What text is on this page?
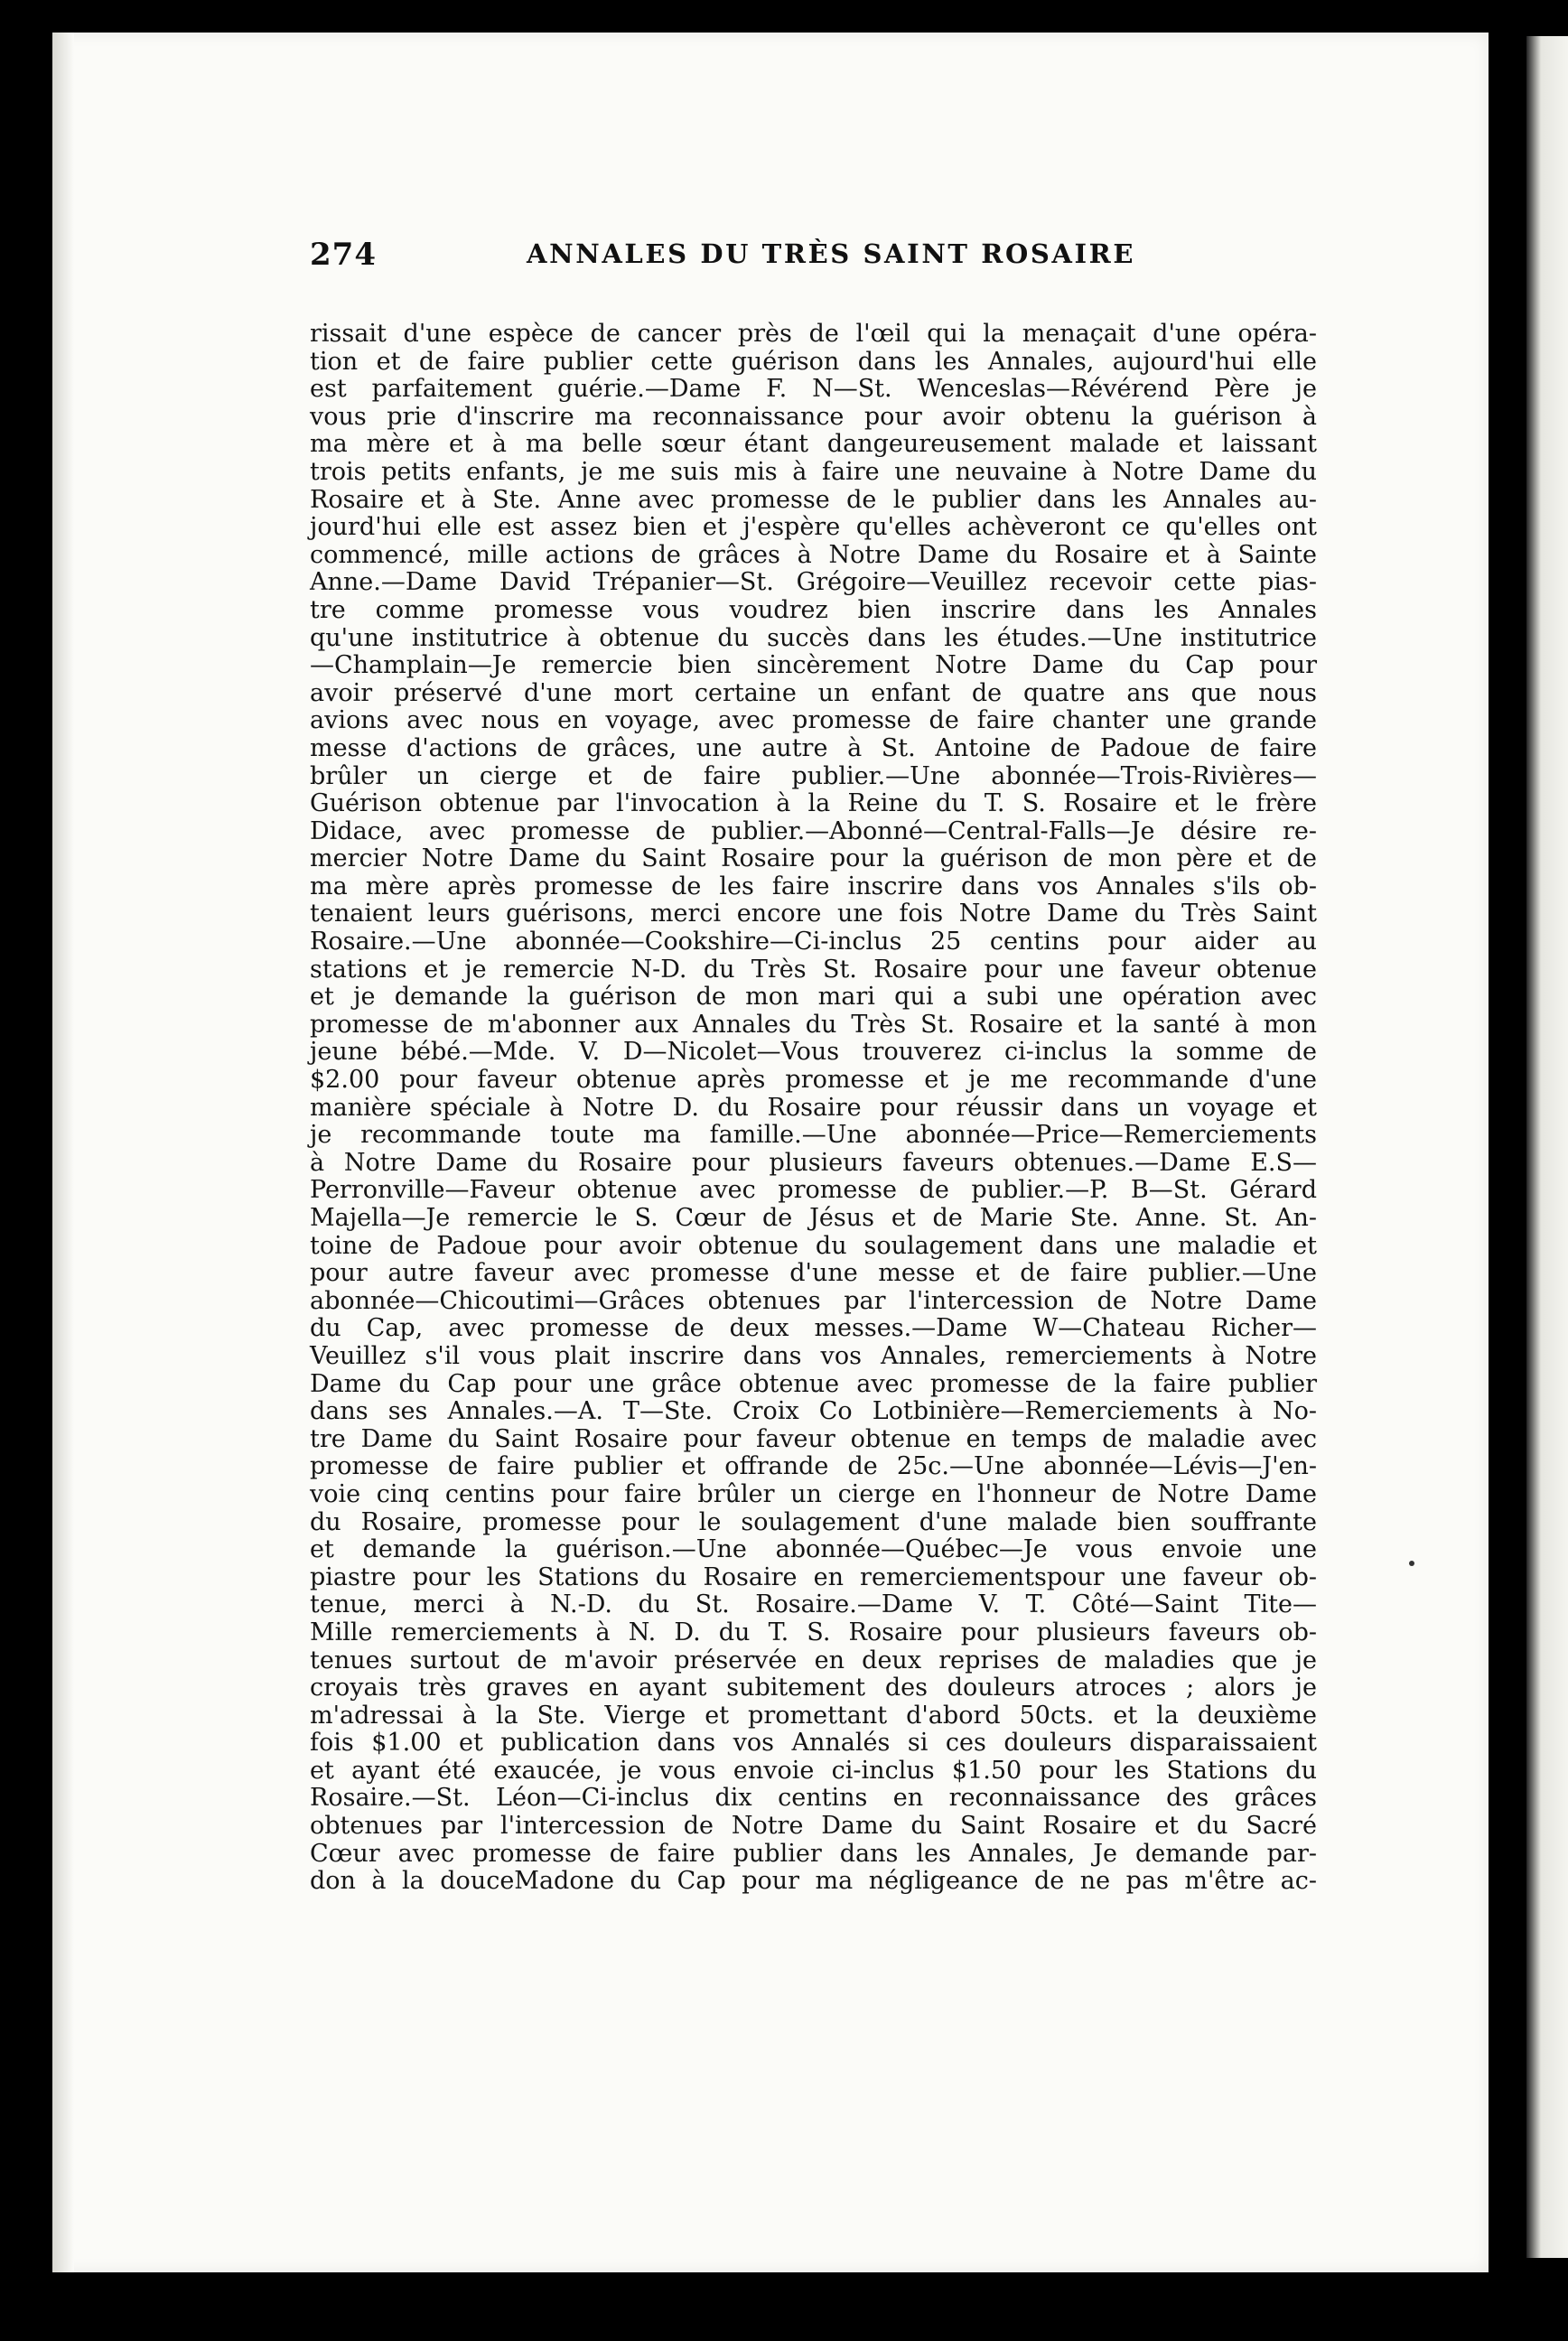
274	ANNALES DU TRÈS SAINT ROSAIRE
rissait d'une espèce de cancer près de l'œil qui la menaçait d'une opéra-
tion et de faire publier cette guérison dans les Annales, aujourd'hui elle
est parfaitement guérie.—Dame F. N—St. Wenceslas—Révérend Père je
vous prie d'inscrire ma reconnaissance pour avoir obtenu la guérison à
ma mère et à ma belle sœur étant dangeureusement malade et laissant
trois petits enfants, je me suis mis à faire une neuvaine à Notre Dame du
Rosaire et à Ste. Anne avec promesse de le publier dans les Annales au-
jourd'hui elle est assez bien et j'espère qu'elles achèveront ce qu'elles ont
commencé, mille actions de grâces à Notre Dame du Rosaire et à Sainte
Anne.—Dame David Trépanier—St. Grégoire—Veuillez recevoir cette pias-
tre comme promesse vous voudrez bien inscrire dans les Annales
qu'une institutrice à obtenue du succès dans les études.—Une institutrice
—Champlain—Je remercie bien sincèrement Notre Dame du Cap pour
avoir préservé d'une mort certaine un enfant de quatre ans que nous
avions avec nous en voyage, avec promesse de faire chanter une grande
messe d'actions de grâces, une autre à St. Antoine de Padoue de faire
brûler un cierge et de faire publier.—Une abonnée—Trois-Rivières—
Guérison obtenue par l'invocation à la Reine du T. S. Rosaire et le frère
Didace, avec promesse de publier.—Abonné—Central-Falls—Je désire re-
mercier Notre Dame du Saint Rosaire pour la guérison de mon père et de
ma mère après promesse de les faire inscrire dans vos Annales s'ils ob-
tenaient leurs guérisons, merci encore une fois Notre Dame du Très Saint
Rosaire.—Une abonnée—Cookshire—Ci-inclus 25 centins pour aider au
stations et je remercie N-D. du Très St. Rosaire pour une faveur obtenue
et je demande la guérison de mon mari qui a subi une opération avec
promesse de m'abonner aux Annales du Très St. Rosaire et la santé à mon
jeune bébé.—Mde. V. D—Nicolet—Vous trouverez ci-inclus la somme de
$2.00 pour faveur obtenue après promesse et je me recommande d'une
manière spéciale à Notre D. du Rosaire pour réussir dans un voyage et
je recommande toute ma famille.—Une abonnée—Price—Remerciements
à Notre Dame du Rosaire pour plusieurs faveurs obtenues.—Dame E.S—
Perronville—Faveur obtenue avec promesse de publier.—P. B—St. Gérard
Majella—Je remercie le S. Cœur de Jésus et de Marie Ste. Anne. St. An-
toine de Padoue pour avoir obtenue du soulagement dans une maladie et
pour autre faveur avec promesse d'une messe et de faire publier.—Une
abonnée—Chicoutimi—Grâces obtenues par l'intercession de Notre Dame
du Cap, avec promesse de deux messes.—Dame W—Chateau Richer—
Veuillez s'il vous plait inscrire dans vos Annales, remerciements à Notre
Dame du Cap pour une grâce obtenue avec promesse de la faire publier
dans ses Annales.—A. T—Ste. Croix Co Lotbinière—Remerciements à No-
tre Dame du Saint Rosaire pour faveur obtenue en temps de maladie avec
promesse de faire publier et offrande de 25c.—Une abonnée—Lévis—J'en-
voie cinq centins pour faire brûler un cierge en l'honneur de Notre Dame
du Rosaire, promesse pour le soulagement d'une malade bien souffrante
et demande la guérison.—Une abonnée—Québec—Je vous envoie une
piastre pour les Stations du Rosaire en remerciementspour une faveur ob-
tenue, merci à N.-D. du St. Rosaire.—Dame V. T. Côté—Saint Tite—
Mille remerciements à N. D. du T. S. Rosaire pour plusieurs faveurs ob-
tenues surtout de m'avoir préservée en deux reprises de maladies que je
croyais très graves en ayant subitement des douleurs atroces ; alors je
m'adressai à la Ste. Vierge et promettant d'abord 50cts. et la deuxième
fois $1.00 et publication dans vos Annalés si ces douleurs disparaissaient
et ayant été exaucée, je vous envoie ci-inclus $1.50 pour les Stations du
Rosaire.—St. Léon—Ci-inclus dix centins en reconnaissance des grâces
obtenues par l'intercession de Notre Dame du Saint Rosaire et du Sacré
Cœur avec promesse de faire publier dans les Annales, Je demande par-
don à la douceMadone du Cap pour ma négligeance de ne pas m'être ac-
